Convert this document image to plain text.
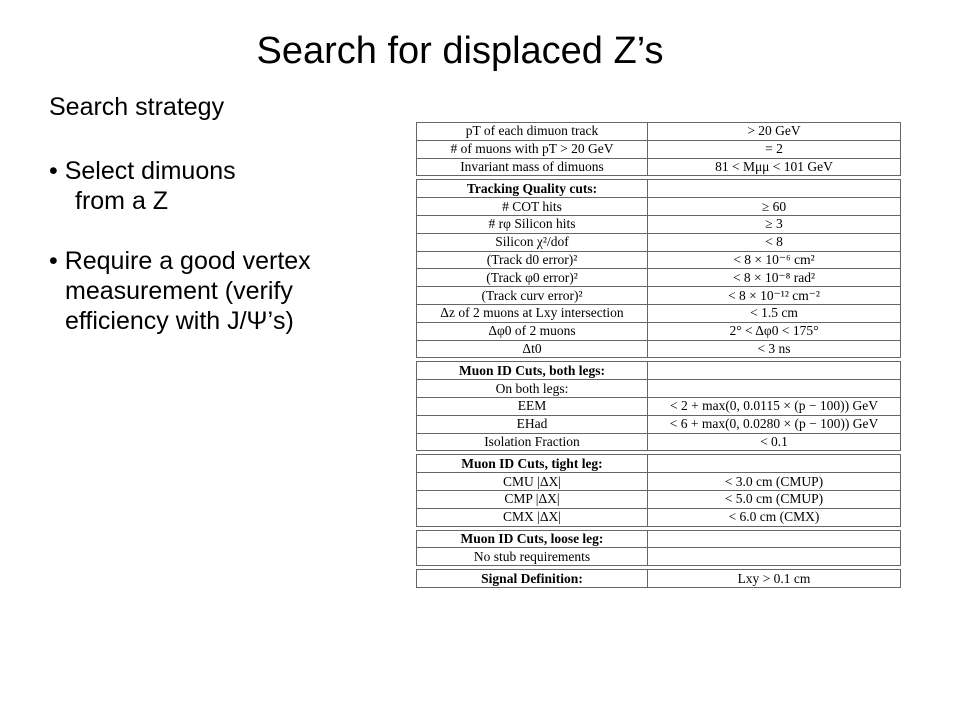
Search for displaced Z’s
Search strategy
• Select dimuons
from a Z
• Require a good vertex
measurement (verify
efficiency with J/Ψ’s)
pT of each dimuon track	> 20 GeV
# of muons with pT > 20 GeV	= 2
Invariant mass of dimuons	81 < Mμμ < 101 GeV
Tracking Quality cuts:	
# COT hits	≥ 60
# rφ Silicon hits	≥ 3
Silicon χ²/dof	< 8
(Track d0 error)²	< 8 × 10⁻⁶ cm²
(Track φ0 error)²	< 8 × 10⁻⁸ rad²
(Track curv error)²	< 8 × 10⁻¹² cm⁻²
Δz of 2 muons at Lxy intersection	< 1.5 cm
Δφ0 of 2 muons	2° < Δφ0 < 175°
Δt0	< 3 ns
Muon ID Cuts, both legs:	
On both legs:	
EEM	< 2 + max(0, 0.0115 × (p − 100)) GeV
EHad	< 6 + max(0, 0.0280 × (p − 100)) GeV
Isolation Fraction	< 0.1
Muon ID Cuts, tight leg:	
CMU |ΔX|	< 3.0 cm (CMUP)
CMP |ΔX|	< 5.0 cm (CMUP)
CMX |ΔX|	< 6.0 cm (CMX)
Muon ID Cuts, loose leg:	
No stub requirements	
Signal Definition:	Lxy > 0.1 cm
